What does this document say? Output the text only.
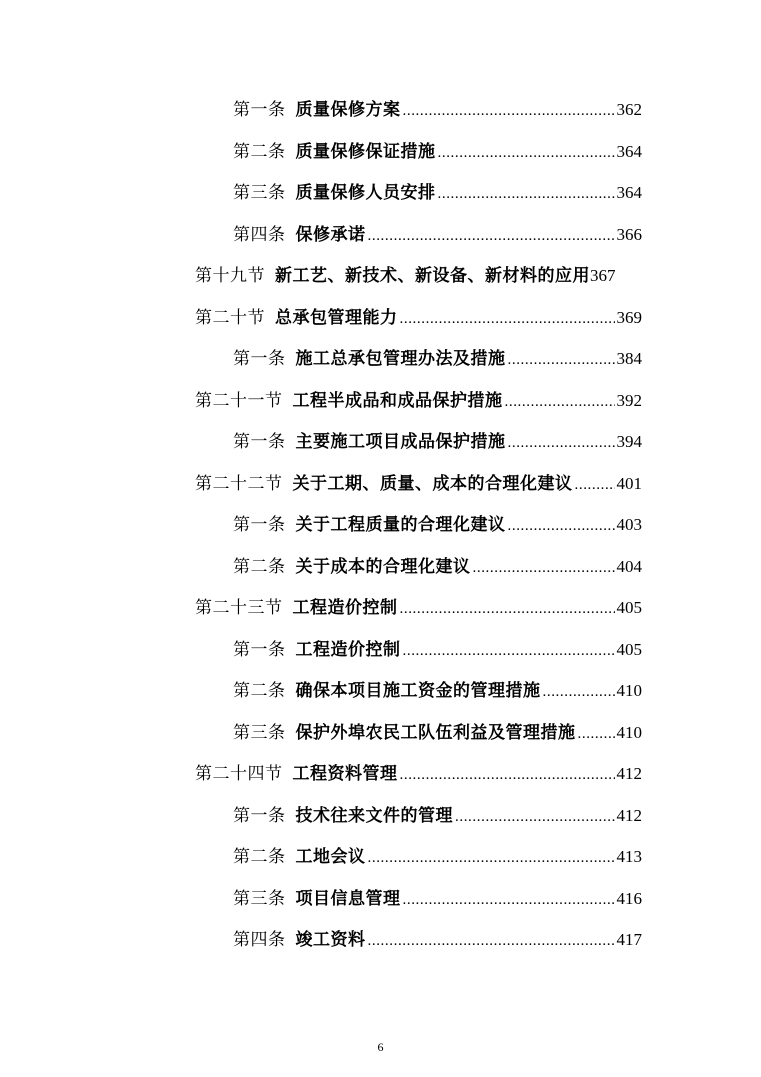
第一条 质量保修方案 .....	362
第二条 质量保修保证措施 .....	364
第三条 质量保修人员安排 .....	364
第四条 保修承诺 .....	366
第十九节 新工艺、新技术、新设备、新材料的应用 367
第二十节 总承包管理能力 .....	369
第一条 施工总承包管理办法及措施 .....	384
第二十一节 工程半成品和成品保护措施 .....	392
第一条 主要施工项目成品保护措施 .....	394
第二十二节 关于工期、质量、成本的合理化建议 .....	401
第一条 关于工程质量的合理化建议 .....	403
第二条 关于成本的合理化建议 .....	404
第二十三节 工程造价控制 .....	405
第一条 工程造价控制 .....	405
第二条 确保本项目施工资金的管理措施 .....	410
第三条 保护外埠农民工队伍利益及管理措施 ..... 410
第二十四节 工程资料管理 .....	412
第一条 技术往来文件的管理 .....	412
第二条 工地会议 .....	413
第三条 项目信息管理 .....	416
第四条 竣工资料 .....	417
6
